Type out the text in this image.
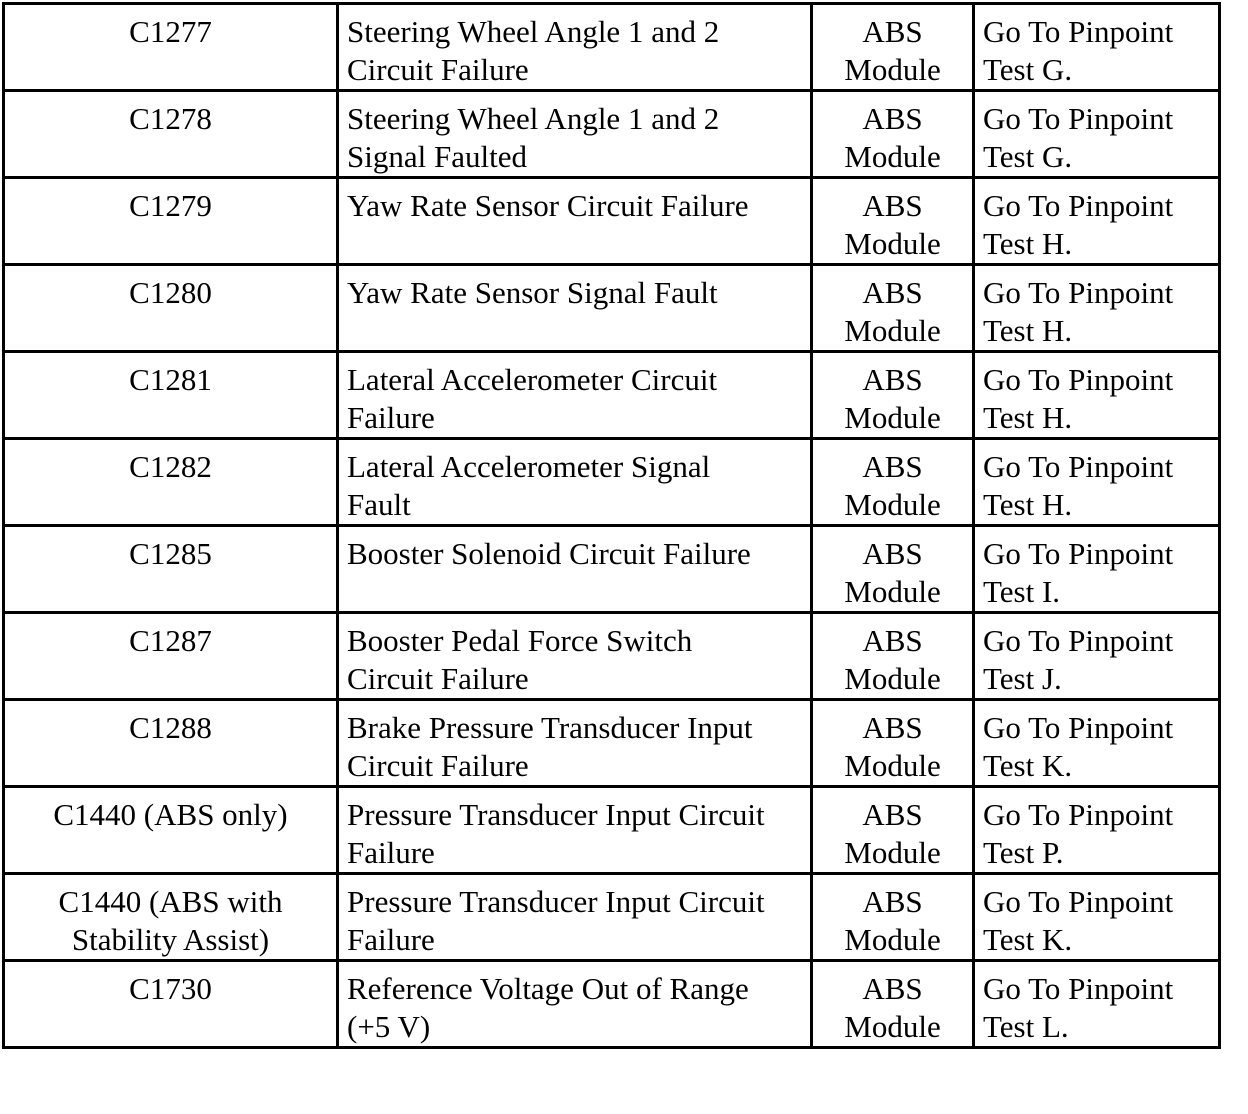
C1277	Steering Wheel Angle 1 and 2
Circuit Failure	ABS
Module	Go To Pinpoint
Test G.

C1278	Steering Wheel Angle 1 and 2
Signal Faulted	ABS
Module	Go To Pinpoint
Test G.

C1279	Yaw Rate Sensor Circuit Failure	ABS
Module	Go To Pinpoint
Test H.

C1280	Yaw Rate Sensor Signal Fault	ABS
Module	Go To Pinpoint
Test H.

C1281	Lateral Accelerometer Circuit
Failure	ABS
Module	Go To Pinpoint
Test H.

C1282	Lateral Accelerometer Signal
Fault	ABS
Module	Go To Pinpoint
Test H.

C1285	Booster Solenoid Circuit Failure	ABS
Module	Go To Pinpoint
Test I.

C1287	Booster Pedal Force Switch
Circuit Failure	ABS
Module	Go To Pinpoint
Test J.

C1288	Brake Pressure Transducer Input
Circuit Failure	ABS
Module	Go To Pinpoint
Test K.

C1440 (ABS only)	Pressure Transducer Input Circuit
Failure	ABS
Module	Go To Pinpoint
Test P.

C1440 (ABS with
Stability Assist)	Pressure Transducer Input Circuit
Failure	ABS
Module	Go To Pinpoint
Test K.

C1730	Reference Voltage Out of Range
(+5 V)	ABS
Module	Go To Pinpoint
Test L.
